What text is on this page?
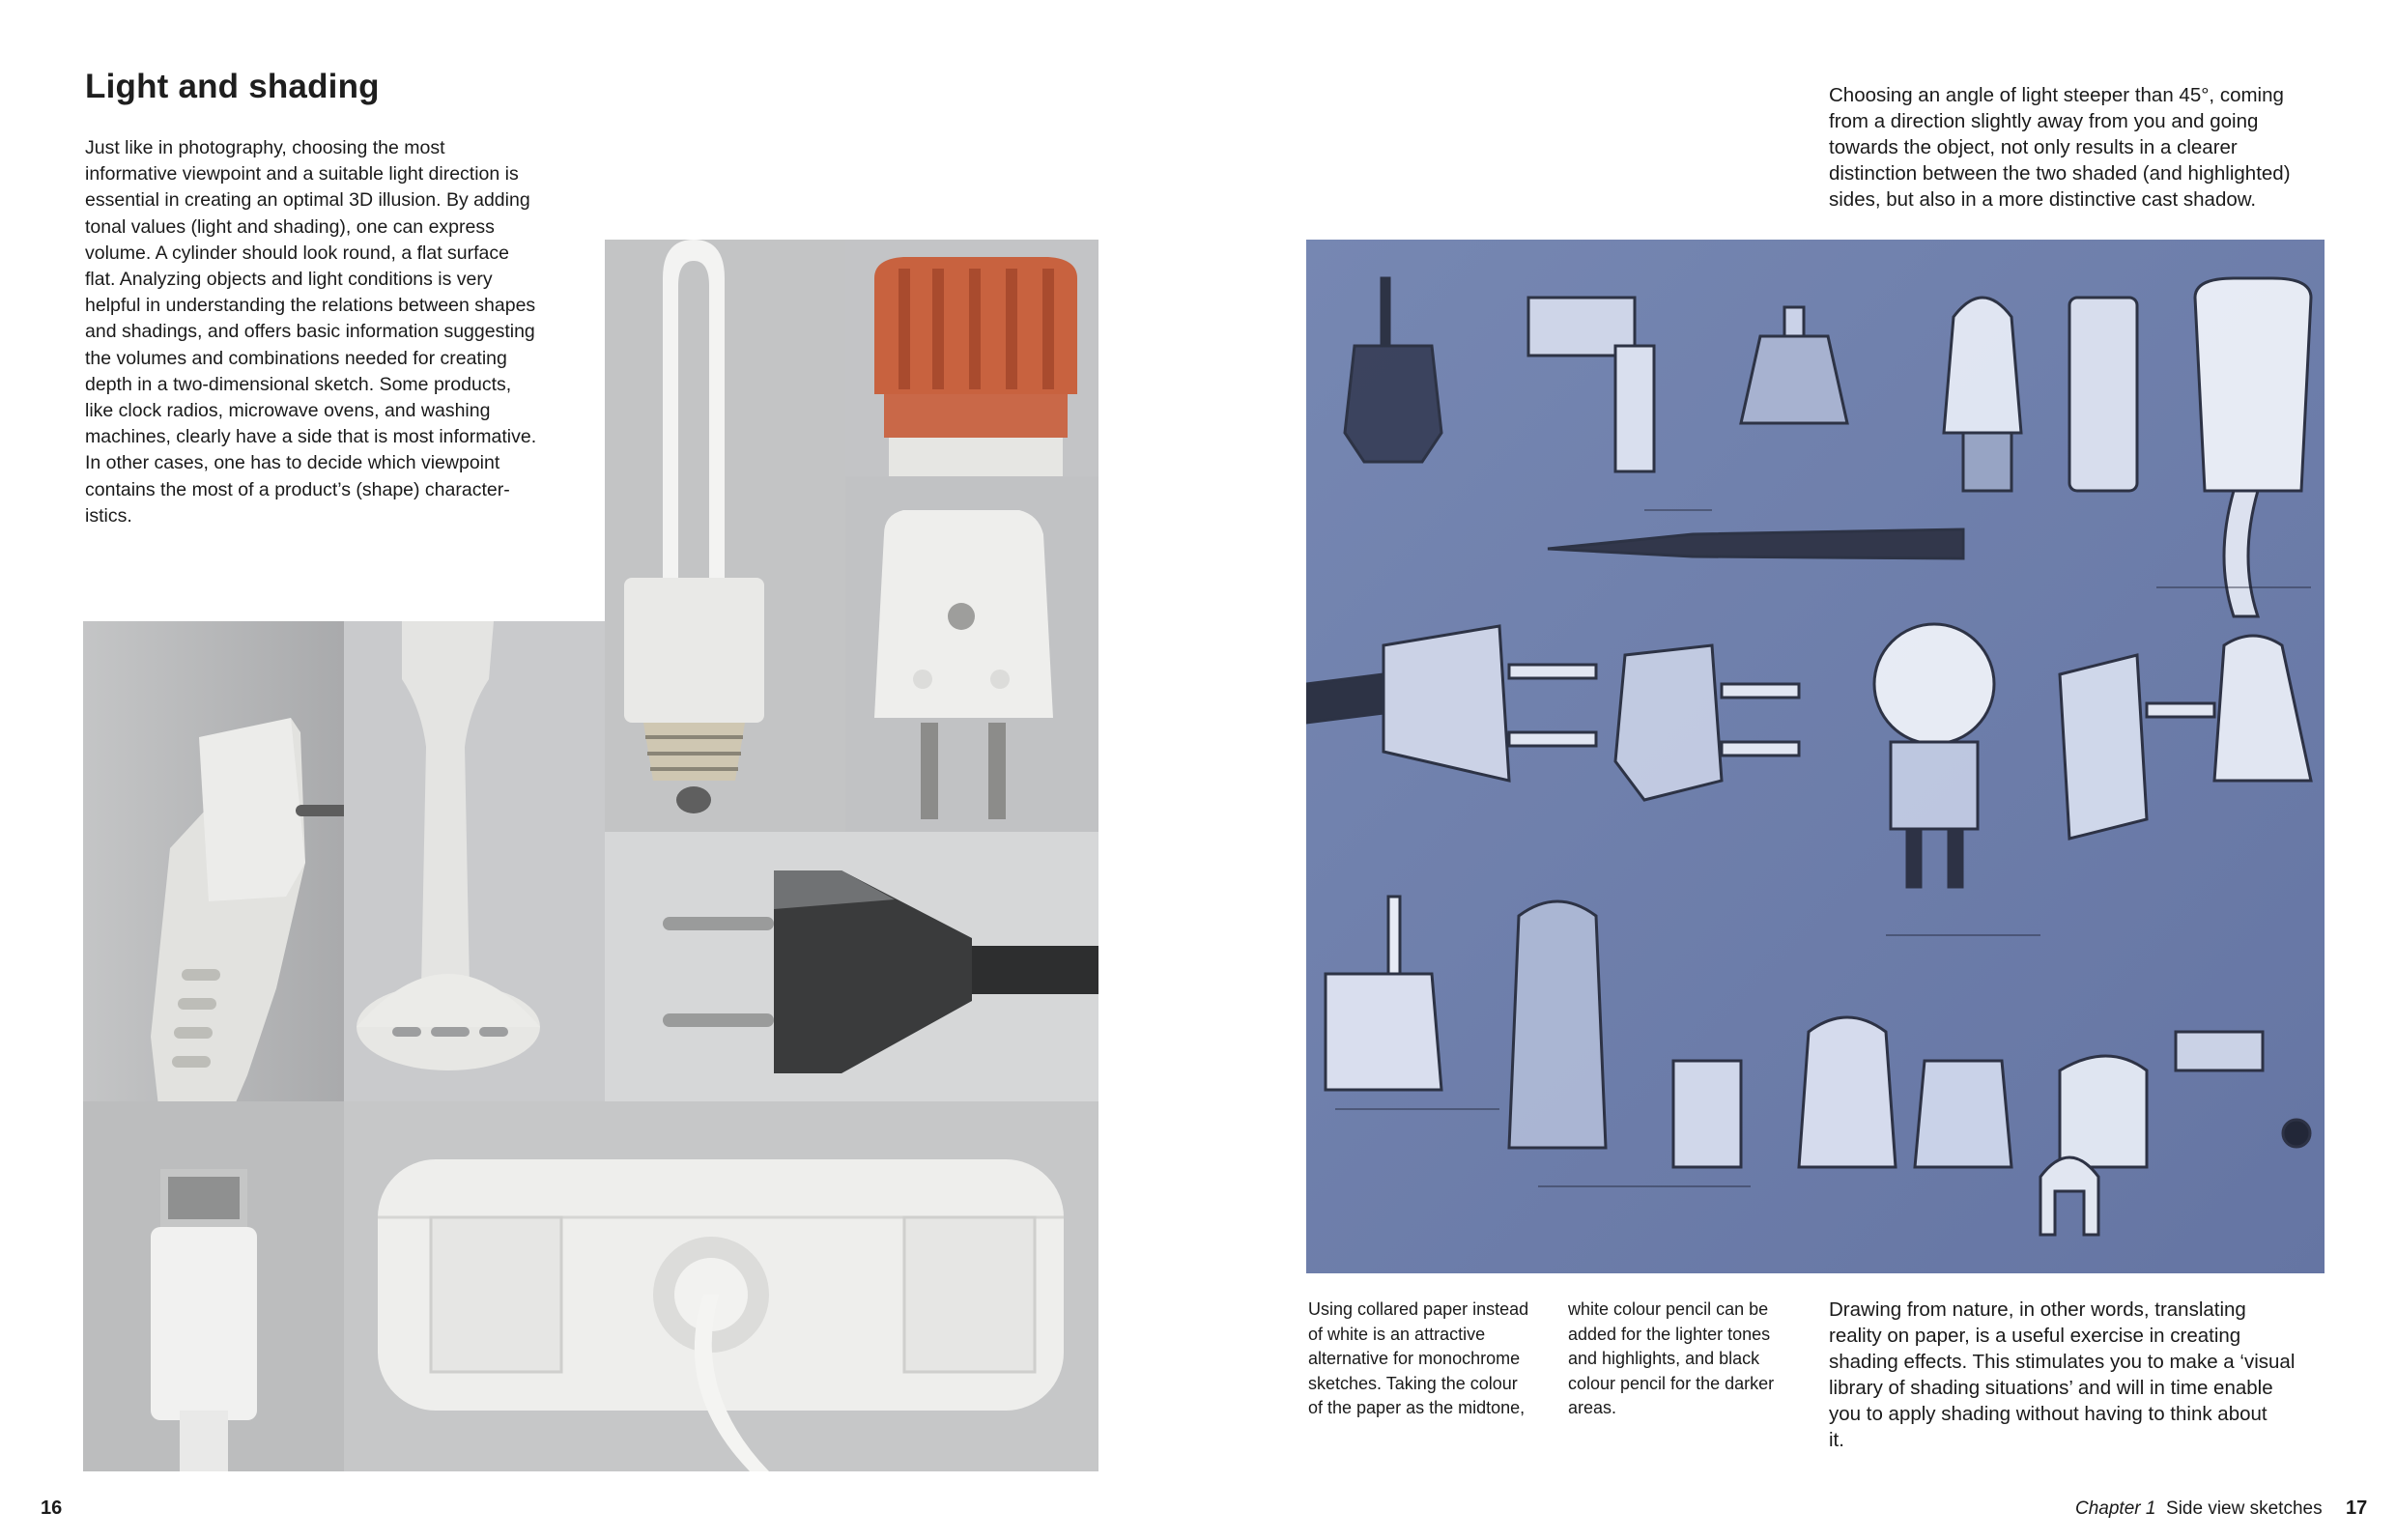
Light and shading
Just like in photography, choosing the most
informative viewpoint and a suitable light direction is
essential in creating an optimal 3D illusion. By adding
tonal values (light and shading), one can express
volume. A cylinder should look round, a flat surface
flat. Analyzing objects and light conditions is very
helpful in understanding the relations between shapes
and shadings, and offers basic information suggesting
the volumes and combinations needed for creating
depth in a two-dimensional sketch. Some products,
like clock radios, microwave ovens, and washing
machines, clearly have a side that is most informative.
In other cases, one has to decide which viewpoint
contains the most of a product’s (shape) character-
istics.
16
Choosing an angle of light steeper than 45°, coming
from a direction slightly away from you and going
towards the object, not only results in a clearer
distinction between the two shaded (and highlighted)
sides, but also in a more distinctive cast shadow.
Using collared paper instead
of white is an attractive
alternative for monochrome
sketches. Taking the colour
of the paper as the midtone,
white colour pencil can be
added for the lighter tones
and highlights, and black
colour pencil for the darker
areas.
Drawing from nature, in other words, translating
reality on paper, is a useful exercise in creating
shading effects. This stimulates you to make a ‘visual
library of shading situations’ and will in time enable
you to apply shading without having to think about
it.
Chapter 1 Side view sketches 17
